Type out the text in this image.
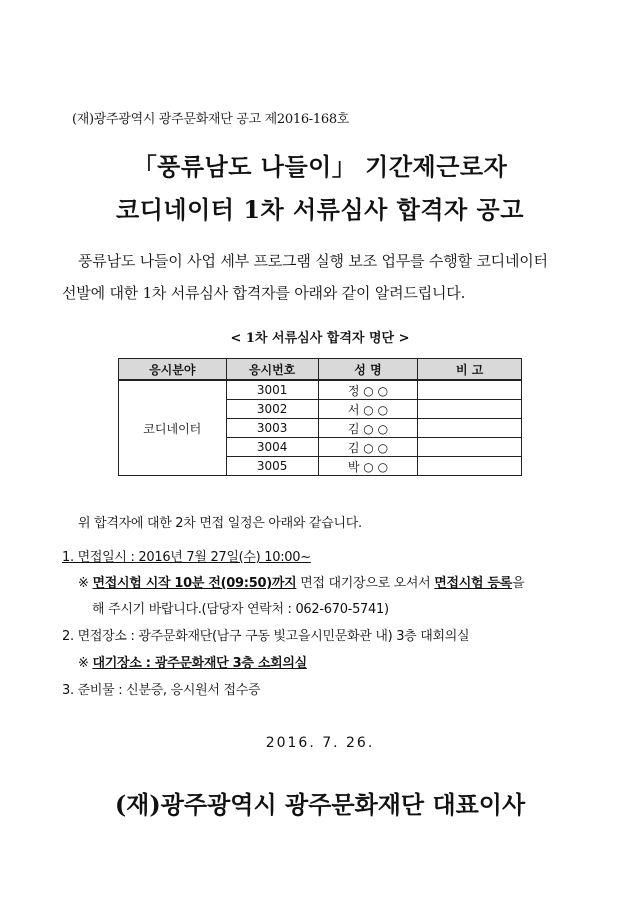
(재)광주광역시 광주문화재단 공고 제2016-168호
「풍류남도 나들이」 기간제근로자
코디네이터 1차 서류심사 합격자 공고
풍류남도 나들이 사업 세부 프로그램 실행 보조 업무를 수행할 코디네이터
선발에 대한 1차 서류심사 합격자를 아래와 같이 알려드립니다.
< 1차 서류심사 합격자 명단 >
응시분야	응시번호	성 명	비 고
코디네이터	3001	정 ○ ○	
	3002	서 ○ ○	
	3003	김 ○ ○	
	3004	김 ○ ○	
	3005	박 ○ ○	
위 합격자에 대한 2차 면접 일정은 아래와 같습니다.
1. 면접일시 : 2016년 7월 27일(수) 10:00~
※ 면접시험 시작 10분 전(09:50)까지 면접 대기장으로 오셔서 면접시험 등록을
해 주시기 바랍니다.(담당자 연락처 : 062-670-5741)
2. 면접장소 : 광주문화재단(남구 구동 빛고을시민문화관 내) 3층 대회의실
※ 대기장소 : 광주문화재단 3층 소회의실
3. 준비물 : 신분증, 응시원서 접수증
2016. 7. 26.
(재)광주광역시 광주문화재단 대표이사
